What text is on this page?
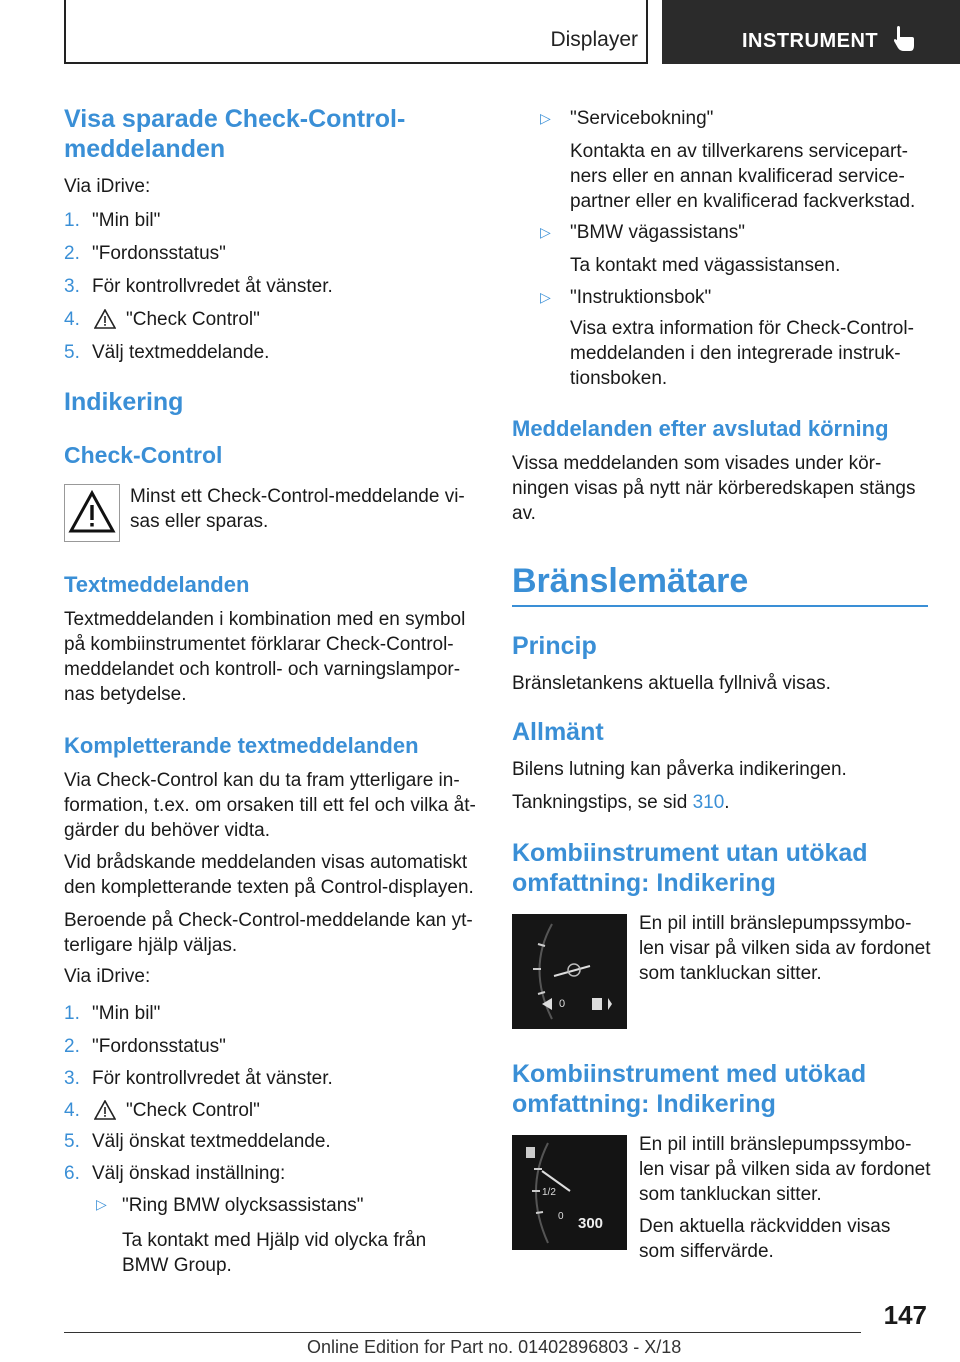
Displayer	INSTRUMENT
Visa sparade Check-Control-
meddelanden
Via iDrive:
1. "Min bil"
2. "Fordonsstatus"
3. För kontrollvredet åt vänster.
4. "Check Control"
5. Välj textmeddelande.
Indikering
Check-Control
Minst ett Check-Control-meddelande vi-
sas eller sparas.
Textmeddelanden
Textmeddelanden i kombination med en symbol
på kombiinstrumentet förklarar Check-Control-
meddelandet och kontroll- och varningslampor-
nas betydelse.
Kompletterande textmeddelanden
Via Check-Control kan du ta fram ytterligare in-
formation, t.ex. om orsaken till ett fel och vilka åt-
gärder du behöver vidta.
Vid brådskande meddelanden visas automatiskt
den kompletterande texten på Control-displayen.
Beroende på Check-Control-meddelande kan yt-
terligare hjälp väljas.
Via iDrive:
1. "Min bil"
2. "Fordonsstatus"
3. För kontrollvredet åt vänster.
4. "Check Control"
5. Välj önskat textmeddelande.
6. Välj önskad inställning:
▷ "Ring BMW olycksassistans"
Ta kontakt med Hjälp vid olycka från
BMW Group.
▷ "Servicebokning"
Kontakta en av tillverkarens servicepart-
ners eller en annan kvalificerad service-
partner eller en kvalificerad fackverkstad.
▷ "BMW vägassistans"
Ta kontakt med vägassistansen.
▷ "Instruktionsbok"
Visa extra information för Check-Control-
meddelanden i den integrerade instruk-
tionsboken.
Meddelanden efter avslutad körning
Vissa meddelanden som visades under kör-
ningen visas på nytt när körberedskapen stängs
av.
Bränslemätare
Princip
Bränsletankens aktuella fyllnivå visas.
Allmänt
Bilens lutning kan påverka indikeringen.
Tankningstips, se sid 310.
Kombiinstrument utan utökad
omfattning: Indikering
0
En pil intill bränslepumpssymbo-
len visar på vilken sida av fordonet
som tankluckan sitter.
Kombiinstrument med utökad
omfattning: Indikering
1/2
0 300
En pil intill bränslepumpssymbo-
len visar på vilken sida av fordonet
som tankluckan sitter.
Den aktuella räckvidden visas
som siffervärde.
147
Online Edition for Part no. 01402896803 - X/18
